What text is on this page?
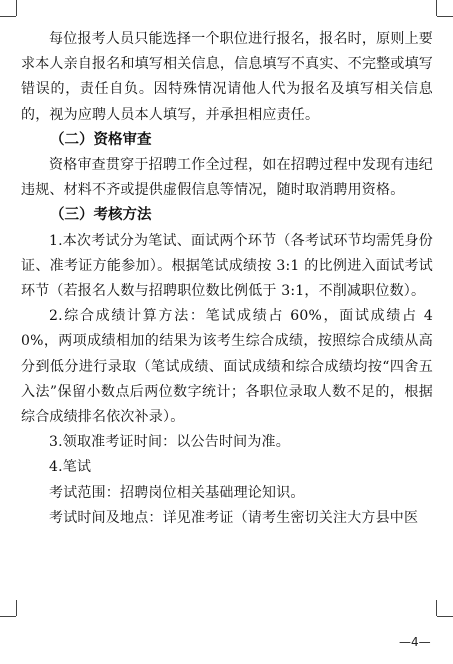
每位报考人员只能选择一个职位进行报名，报名时，原则上要求本人亲自报名和填写相关信息，信息填写不真实、不完整或填写错误的，责任自负。因特殊情况请他人代为报名及填写相关信息的，视为应聘人员本人填写，并承担相应责任。

（二）资格审查

资格审查贯穿于招聘工作全过程，如在招聘过程中发现有违纪违规、材料不齐或提供虚假信息等情况，随时取消聘用资格。

（三）考核方法

1.本次考试分为笔试、面试两个环节（各考试环节均需凭身份证、准考证方能参加）。根据笔试成绩按 3:1 的比例进入面试考试环节（若报名人数与招聘职位数比例低于 3:1，不削减职位数）。

2.综合成绩计算方法：笔试成绩占 60%，面试成绩占 40%，两项成绩相加的结果为该考生综合成绩，按照综合成绩从高分到低分进行录取（笔试成绩、面试成绩和综合成绩均按“四舍五入法”保留小数点后两位数字统计；各职位录取人数不足的，根据综合成绩排名依次补录）。

3.领取准考证时间：以公告时间为准。

4.笔试

考试范围：招聘岗位相关基础理论知识。

考试时间及地点：详见准考证（请考生密切关注大方县中医

—4—
